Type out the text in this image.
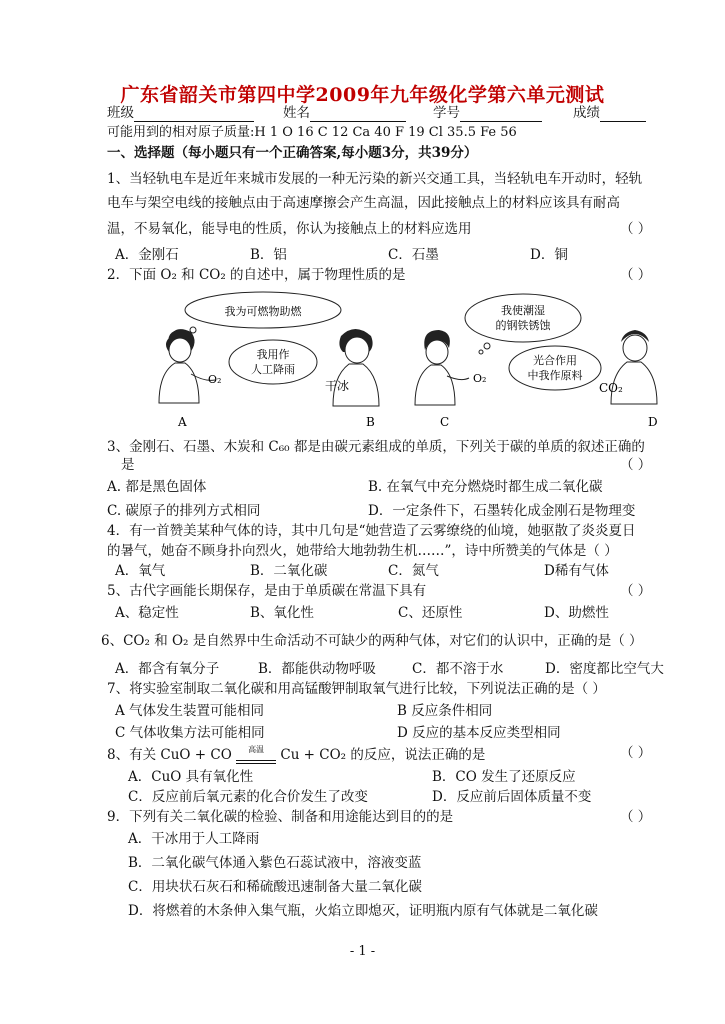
广东省韶关市第四中学2009年九年级化学第六单元测试
班级	姓名	学号	成绩
可能用到的相对原子质量:H 1 O 16 C 12 Ca 40 F 19 Cl 35.5 Fe 56
一、选择题（每小题只有一个正确答案,每小题3分，共39分）
1、当轻轨电车是近年来城市发展的一种无污染的新兴交通工具，当轻轨电车开动时，轻轨
电车与架空电线的接触点由于高速摩擦会产生高温，因此接触点上的材料应该具有耐高
温，不易氧化，能导电的性质，你认为接触点上的材料应选用	（ ）
A．金刚石	B．铝	C．石墨	D．铜
2．下面 O₂ 和 CO₂ 的自述中，属于物理性质的是	（ ）
我为可燃物助燃
O₂
我用作
人工降雨
干冰
我使潮湿
的钢铁锈蚀
O₂
光合作用
中我作原料
CO₂
A	B	C	D
3、金刚石、石墨、木炭和 C₆₀ 都是由碳元素组成的单质，下列关于碳的单质的叙述正确的
是	（ ）
A. 都是黑色固体	B. 在氧气中充分燃烧时都生成二氧化碳
C. 碳原子的排列方式相同	D．一定条件下，石墨转化成金刚石是物理变
4．有一首赞美某种气体的诗，其中几句是“她营造了云雾缭绕的仙境，她驱散了炎炎夏日
的暑气，她奋不顾身扑向烈火，她带给大地勃勃生机……”，诗中所赞美的气体是（ ）
A．氧气	B．二氧化碳	C．氮气	D稀有气体
5、古代字画能长期保存，是由于单质碳在常温下具有	（ ）
A、稳定性	B、氧化性	C、还原性	D、助燃性
6、CO₂ 和 O₂ 是自然界中生命活动不可缺少的两种气体，对它们的认识中，正确的是（ ）
A．都含有氧分子	B．都能供动物呼吸	C．都不溶于水	D．密度都比空气大
7、将实验室制取二氧化碳和用高锰酸钾制取氧气进行比较，下列说法正确的是（ ）
A 气体发生装置可能相同	B 反应条件相同
C 气体收集方法可能相同	D 反应的基本反应类型相同
8、有关 CuO + CO	高温	Cu + CO₂ 的反应，说法正确的是	（ ）
A．CuO 具有氧化性	B．CO 发生了还原反应
C．反应前后氧元素的化合价发生了改变	D．反应前后固体质量不变
9．下列有关二氧化碳的检验、制备和用途能达到目的的是	（ ）
A．干冰用于人工降雨
B．二氧化碳气体通入紫色石蕊试液中，溶液变蓝
C．用块状石灰石和稀硫酸迅速制备大量二氧化碳
D．将燃着的木条伸入集气瓶，火焰立即熄灭，证明瓶内原有气体就是二氧化碳
- 1 -
